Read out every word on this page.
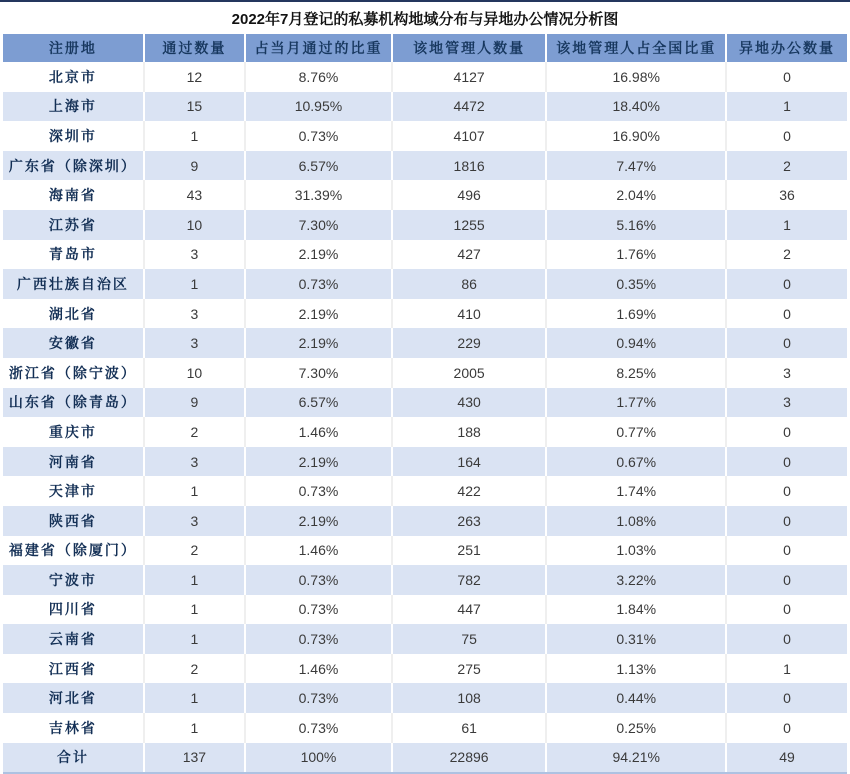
2022年7月登记的私募机构地域分布与异地办公情况分析图
注册地	通过数量	占当月通过的比重	该地管理人数量	该地管理人占全国比重	异地办公数量
北京市	12	8.76%	4127	16.98%	0
上海市	15	10.95%	4472	18.40%	1
深圳市	1	0.73%	4107	16.90%	0
广东省（除深圳）	9	6.57%	1816	7.47%	2
海南省	43	31.39%	496	2.04%	36
江苏省	10	7.30%	1255	5.16%	1
青岛市	3	2.19%	427	1.76%	2
广西壮族自治区	1	0.73%	86	0.35%	0
湖北省	3	2.19%	410	1.69%	0
安徽省	3	2.19%	229	0.94%	0
浙江省（除宁波）	10	7.30%	2005	8.25%	3
山东省（除青岛）	9	6.57%	430	1.77%	3
重庆市	2	1.46%	188	0.77%	0
河南省	3	2.19%	164	0.67%	0
天津市	1	0.73%	422	1.74%	0
陕西省	3	2.19%	263	1.08%	0
福建省（除厦门）	2	1.46%	251	1.03%	0
宁波市	1	0.73%	782	3.22%	0
四川省	1	0.73%	447	1.84%	0
云南省	1	0.73%	75	0.31%	0
江西省	2	1.46%	275	1.13%	1
河北省	1	0.73%	108	0.44%	0
吉林省	1	0.73%	61	0.25%	0
合计	137	100%	22896	94.21%	49
